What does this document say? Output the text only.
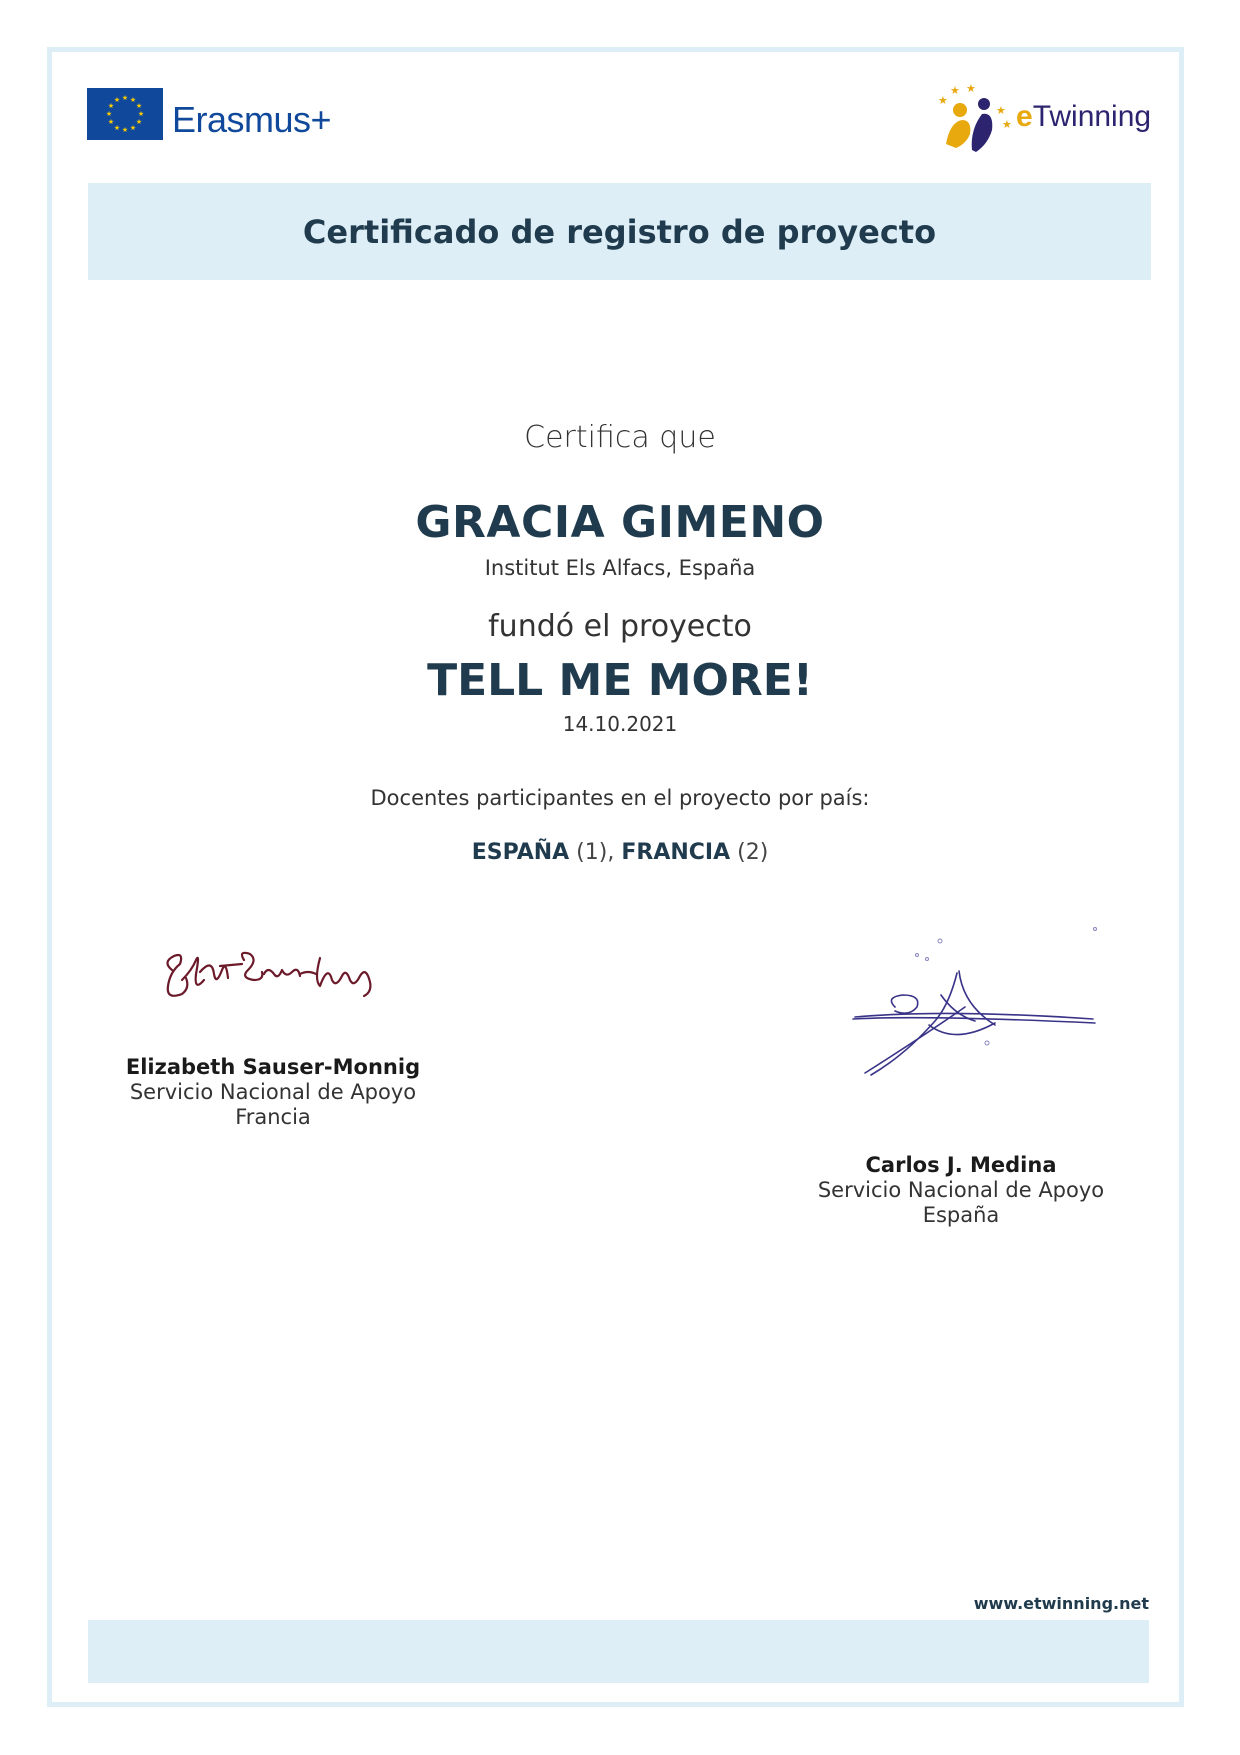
★ ★
★
★
★
★
★
★
★
★
★
★ Erasmus+	★
★ ★
★
★ eTwinning
Certificado de registro de proyecto
Certifica que
GRACIA GIMENO
Institut Els Alfacs, España
fundó el proyecto
TELL ME MORE!
14.10.2021
Docentes participantes en el proyecto por país:
ESPAÑA (1), FRANCIA (2)
Elizabeth Sauser-Monnig
Servicio Nacional de Apoyo
Francia
Carlos J. Medina
Servicio Nacional de Apoyo
España
www.etwinning.net
